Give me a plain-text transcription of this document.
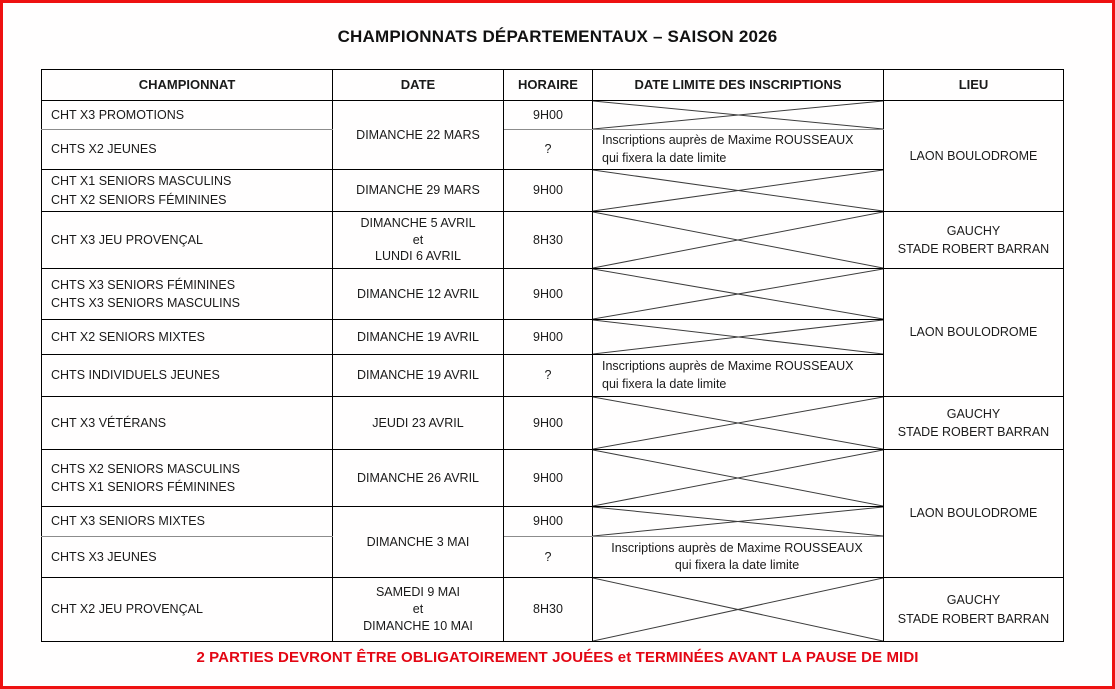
CHAMPIONNATS DÉPARTEMENTAUX – SAISON 2026
CHAMPIONNAT	DATE	HORAIRE	DATE LIMITE DES INSCRIPTIONS	LIEU
CHT X3 PROMOTIONS	DIMANCHE 22 MARS	9H00		LAON BOULODROME
CHTS X2 JEUNES		?	Inscriptions auprès de Maxime ROUSSEAUX
qui fixera la date limite	
CHT X1 SENIORS MASCULINS
CHT X2 SENIORS FÉMININES	DIMANCHE 29 MARS	9H00	

CHT X3 JEU PROVENÇAL	DIMANCHE 5 AVRIL
et
LUNDI 6 AVRIL	8H30		GAUCHY
STADE ROBERT BARRAN
CHTS X3 SENIORS FÉMININES
CHTS X3 SENIORS MASCULINS	DIMANCHE 12 AVRIL	9H00		LAON BOULODROME
CHT X2 SENIORS MIXTES	DIMANCHE 19 AVRIL	9H00	

CHTS INDIVIDUELS JEUNES	DIMANCHE 19 AVRIL	?	Inscriptions auprès de Maxime ROUSSEAUX
qui fixera la date limite	
CHT X3 VÉTÉRANS	JEUDI 23 AVRIL	9H00		GAUCHY
STADE ROBERT BARRAN
CHTS X2 SENIORS MASCULINS
CHTS X1 SENIORS FÉMININES	DIMANCHE 26 AVRIL	9H00		LAON BOULODROME
CHT X3 SENIORS MIXTES	DIMANCHE 3 MAI	9H00	

CHTS X3 JEUNES		?	Inscriptions auprès de Maxime ROUSSEAUX
qui fixera la date limite	
CHT X2 JEU PROVENÇAL	SAMEDI 9 MAI
et
DIMANCHE 10 MAI	8H30		GAUCHY
STADE ROBERT BARRAN
2 PARTIES DEVRONT ÊTRE OBLIGATOIREMENT JOUÉES et TERMINÉES AVANT LA PAUSE DE MIDI
